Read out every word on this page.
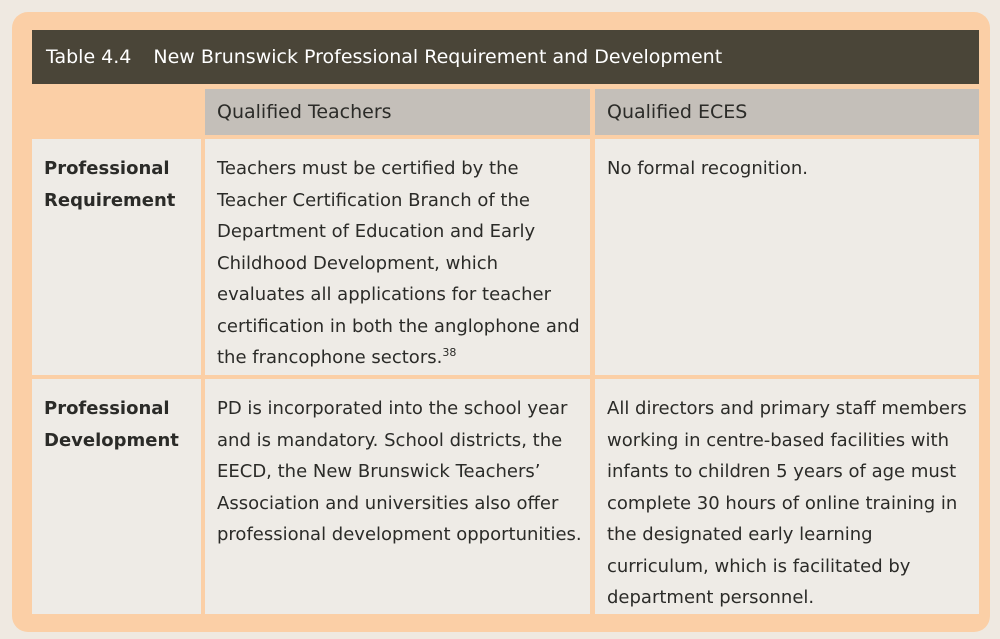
Table 4.4 New Brunswick Professional Requirement and Development
Qualified Teachers	Qualified ECES
Professional
Requirement
Teachers must be certified by the Teacher Certification Branch of the Department of Education and Early Childhood Development, which evaluates all applications for teacher certification in both the anglophone and the francophone sectors.$^{38}$
No formal recognition.
Professional
Development
PD is incorporated into the school year and is mandatory. School districts, the EECD, the New Brunswick Teachers’ Association and universities also offer professional development opportunities.
All directors and primary staff members working in centre-based facilities with infants to children 5 years of age must complete 30 hours of online training in the designated early learning curriculum, which is facilitated by department personnel.
